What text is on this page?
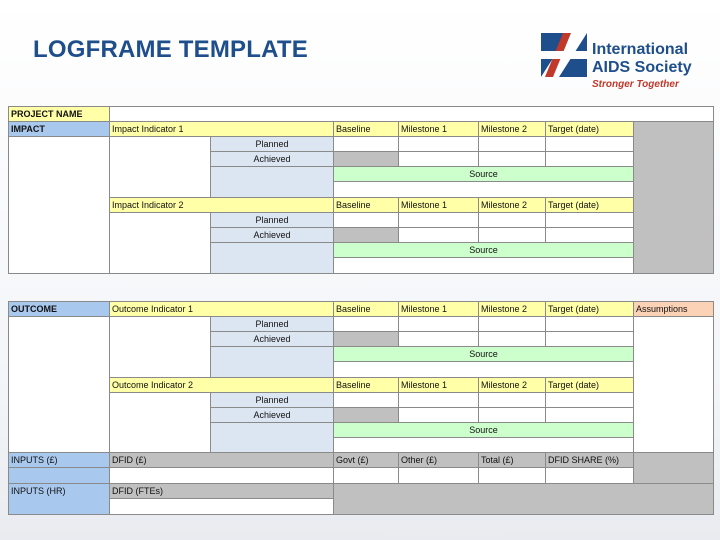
LOGFRAME TEMPLATE	International
AIDS Society
Stronger Together
PROJECT NAME
IMPACT	Impact Indicator 1	Baseline	Milestone 1	Milestone 2	Target (date)
Planned
Achieved
Source
Impact Indicator 2	Baseline	Milestone 1	Milestone 2	Target (date)
Planned
Achieved
Source
OUTCOME	Outcome Indicator 1	Baseline	Milestone 1	Milestone 2	Target (date)	Assumptions
Planned
Achieved
Source
Outcome Indicator 2	Baseline	Milestone 1	Milestone 2	Target (date)
Planned
Achieved
Source
INPUTS (£)	DFID (£)	Govt (£)	Other (£)	Total (£)	DFID SHARE (%)
INPUTS (HR)	DFID (FTEs)
